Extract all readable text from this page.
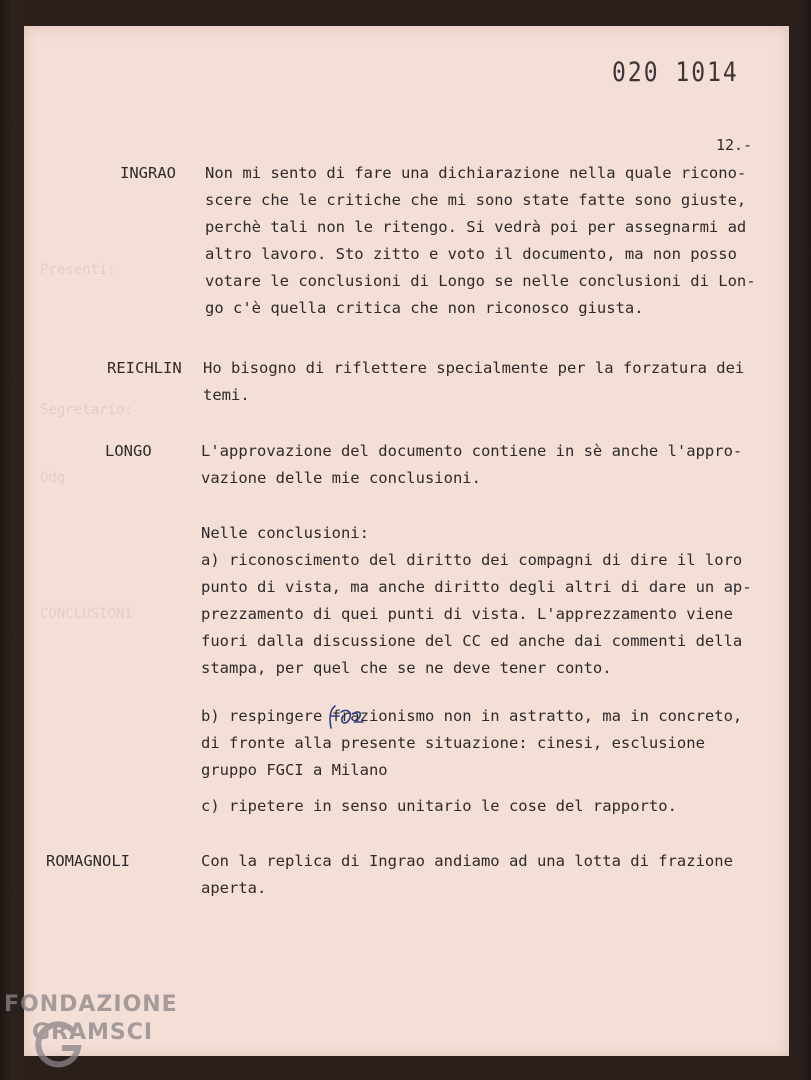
Presenti:
Segretario:
Odg
CONCLUSIONI
020 1014
12.-
INGRAO Non mi sento di fare una dichiarazione nella quale ricono-
scere che le critiche che mi sono state fatte sono giuste,
perchè tali non le ritengo. Si vedrà poi per assegnarmi ad
altro lavoro. Sto zitto e voto il documento, ma non posso
votare le conclusioni di Longo se nelle conclusioni di Lon-
go c'è quella critica che non riconosco giusta.
REICHLIN Ho bisogno di riflettere specialmente per la forzatura dei
temi.
LONGO	L'approvazione del documento contiene in sè anche l'appro-
vazione delle mie conclusioni.
Nelle conclusioni:
a) riconoscimento del diritto dei compagni di dire il loro
punto di vista, ma anche diritto degli altri di dare un ap-
prezzamento di quei punti di vista. L'apprezzamento viene
fuori dalla discussione del CC ed anche dai commenti della
stampa, per quel che se ne deve tener conto.
b) respingere frazionismo non in astratto, ma in concreto,
di fronte alla presente situazione: cinesi, esclusione
gruppo FGCI a Milano
c) ripetere in senso unitario le cose del rapporto.
ROMAGNOLI	Con la replica di Ingrao andiamo ad una lotta di frazione
aperta.
FONDAZIONE
GRAMSCI
